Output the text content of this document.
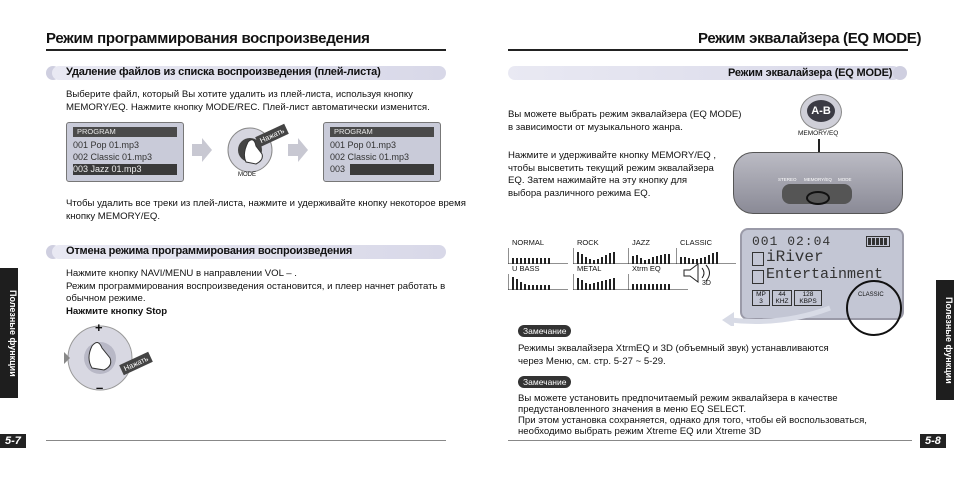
Режим программирования воспроизведения
Удаление файлов из списка воспроизведения (плей-листа)
Выберите файл, который Вы хотите удалить из плей-листа, используя кнопку
MEMORY/EQ. Нажмите кнопку MODE/REC. Плей-лист автоматически изменится.
PROGRAM
001 Pop 01.mp3
002 Classic 01.mp3
003 Jazz 01.mp3
MODE
Нажать	PROGRAM
001 Pop 01.mp3
002 Classic 01.mp3
003
Чтобы удалить все треки из плей-листа, нажмите и удерживайте кнопку некоторое время
кнопку MEMORY/EQ.
Отмена режима программирования воспроизведения
Нажмите кнопку NAVI/MENU в направлении VOL – .
Режим программирования воспроизведения остановится, и плеер начнет работать в
обычном режиме.
Нажмите кнопку Stop
+
–
Нажать
Полезные функции
5-7
Режим эквалайзера (EQ MODE)
Режим эквалайзера (EQ MODE)
Вы можете выбрать режим эквалайзера (EQ MODE)
в зависимости от музыкального жанра.
Нажмите и удерживайте кнопку MEMORY/EQ ,
чтобы высветить текущий режим эквалайзера
EQ. Затем нажимайте на эту кнопку для
выбора различного режима EQ.
A-B
MEMORY/EQ
STEREO MEMORY/EQ MODE
NORMAL	ROCK	JAZZ	CLASSIC
U BASS	METAL	Xtrm EQ
3D
001 02:04
iRiver
Entertainment
MP 3
44 KHZ
128 KBPS
CLASSIC
Замечание
Режимы эквалайзера XtrmEQ и 3D (объемный звук) устанавливаются
через Меню, см. стр. 5-27 ~ 5-29.
Замечание
Вы можете установить предпочитаемый режим эквалайзера в качестве
предустановленного значения в меню EQ SELECT.
При этом установка сохраняется, однако для того, чтобы ей воспользоваться,
необходимо выбрать режим Xtreme EQ или Xtreme 3D
Полезные функции
5-8
